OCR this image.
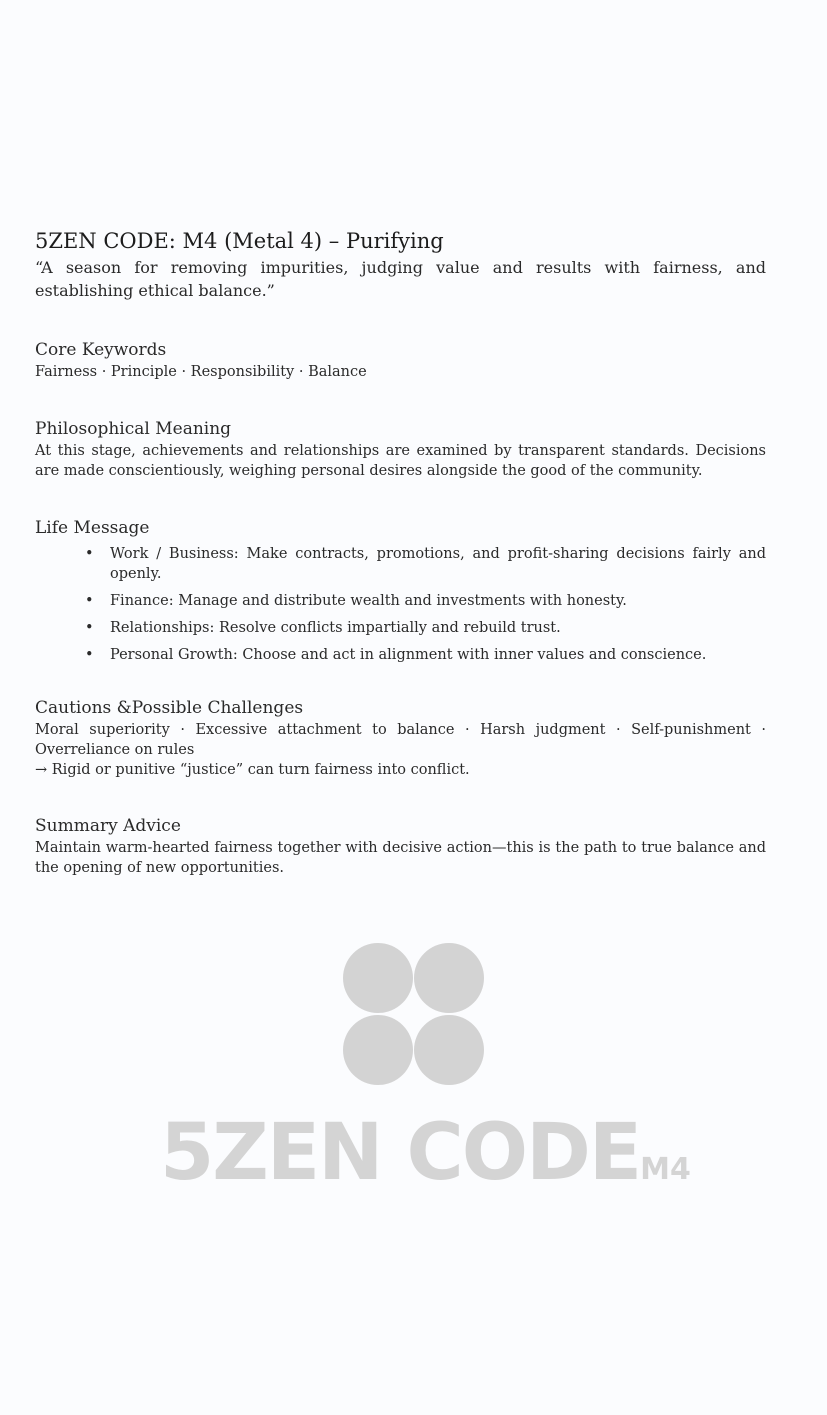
5ZEN CODE: M4 (Metal 4) – Purifying

“A season for removing impurities, judging value and results with fairness, and establishing ethical balance.”

Core Keywords

Fairness · Principle · Responsibility · Balance

Philosophical Meaning

At this stage, achievements and relationships are examined by transparent standards. Decisions are made conscientiously, weighing personal desires alongside the good of the community.

Life Message
• Work / Business: Make contracts, promotions, and profit-sharing decisions fairly and openly.
• Finance: Manage and distribute wealth and investments with honesty.
• Relationships: Resolve conflicts impartially and rebuild trust.
• Personal Growth: Choose and act in alignment with inner values and conscience.
Cautions &Possible Challenges

Moral superiority · Excessive attachment to balance · Harsh judgment · Self-punishment · Overreliance on rules

→ Rigid or punitive “justice” can turn fairness into conflict.

Summary Advice

Maintain warm-hearted fairness together with decisive action—this is the path to true balance and the opening of new opportunities.

5ZEN CODEM4
